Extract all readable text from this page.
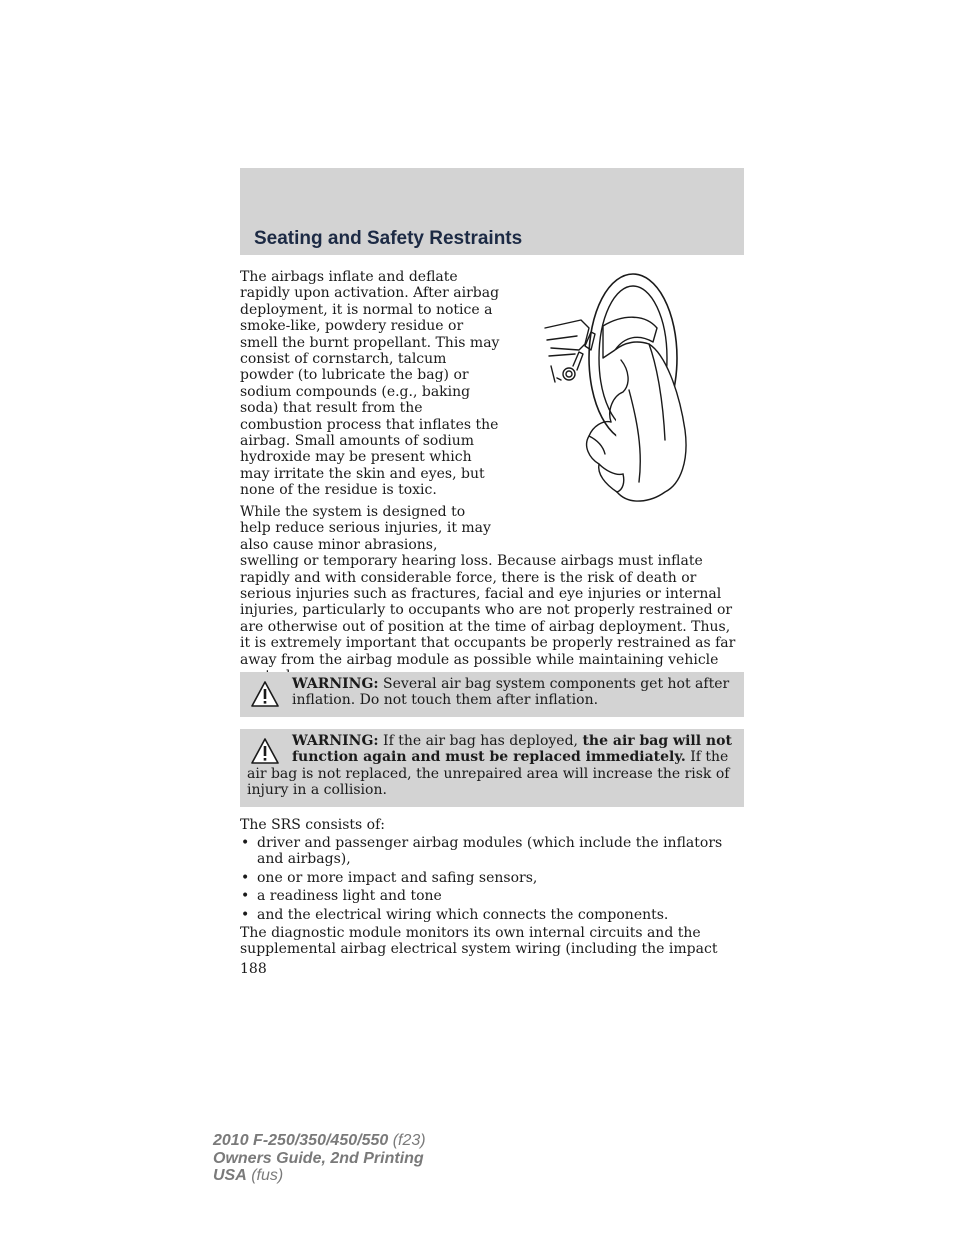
Seating and Safety Restraints

The airbags inflate and deflate rapidly upon activation. After airbag deployment, it is normal to notice a smoke-like, powdery residue or smell the burnt propellant. This may consist of cornstarch, talcum powder (to lubricate the bag) or sodium compounds (e.g., baking soda) that result from the combustion process that inflates the airbag. Small amounts of sodium hydroxide may be present which may irritate the skin and eyes, but none of the residue is toxic.

While the system is designed to help reduce serious injuries, it may also cause minor abrasions, swelling or temporary hearing loss. Because airbags must inflate rapidly and with considerable force, there is the risk of death or serious injuries such as fractures, facial and eye injuries or internal injuries, particularly to occupants who are not properly restrained or are otherwise out of position at the time of airbag deployment. Thus, it is extremely important that occupants be properly restrained as far away from the airbag module as possible while maintaining vehicle

WARNING: Several air bag system components get hot after inflation. Do not touch them after inflation.

WARNING: If the air bag has deployed, the air bag will not function again and must be replaced immediately. If the air bag is not replaced, the unrepaired area will increase the risk of injury in a collision.

The SRS consists of:

• driver and passenger airbag modules (which include the inflators and airbags),
• one or more impact and safing sensors,
• a readiness light and tone
• and the electrical wiring which connects the components.

The diagnostic module monitors its own internal circuits and the supplemental airbag electrical system wiring (including the impact

188

2010 F-250/350/450/550 (f23)
Owners Guide, 2nd Printing
USA (fus)
